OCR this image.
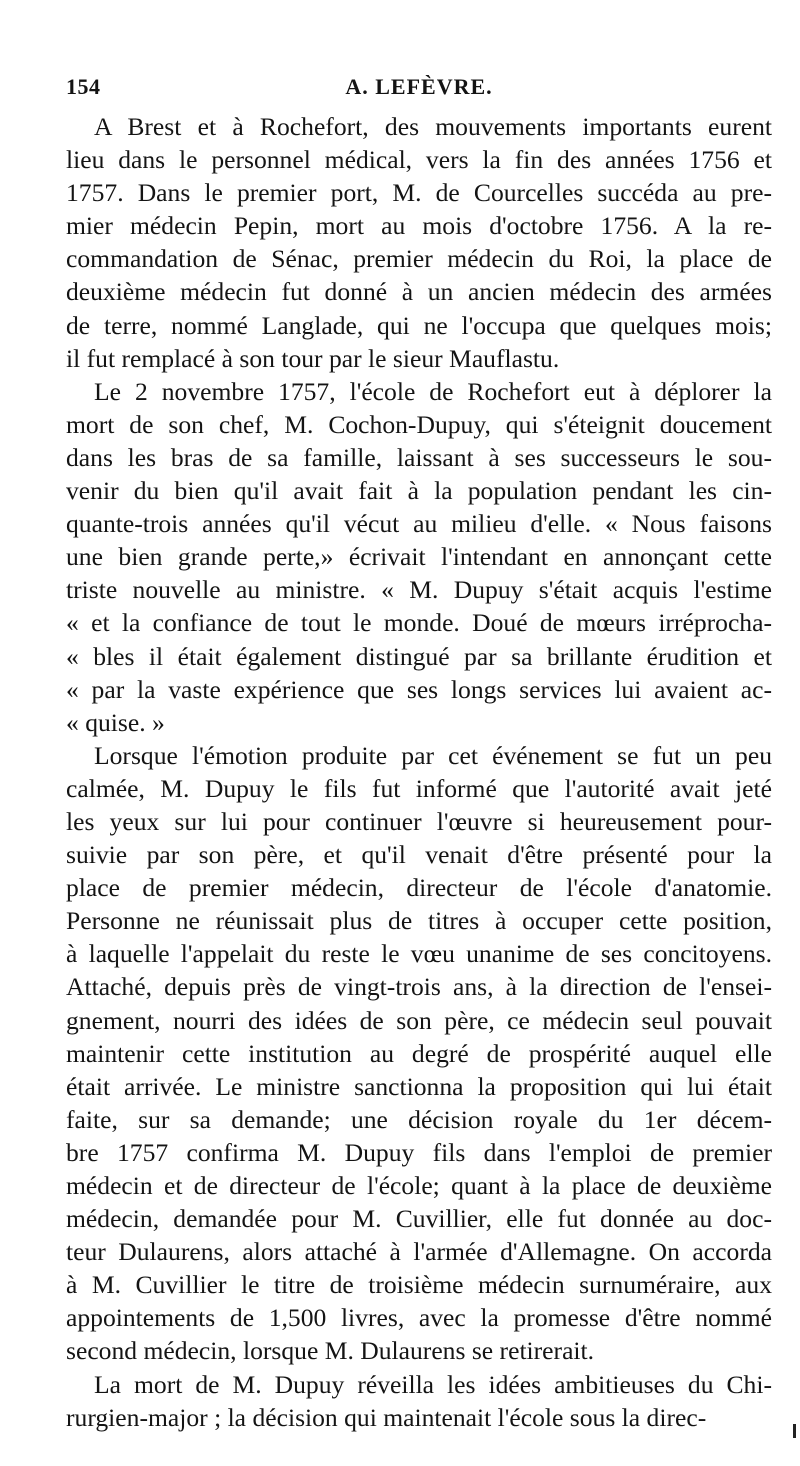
154	A. LEFÈVRE.
A Brest et à Rochefort, des mouvements importants eurent
lieu dans le personnel médical, vers la fin des années 1756 et
1757. Dans le premier port, M. de Courcelles succéda au pre-
mier médecin Pepin, mort au mois d'octobre 1756. A la re-
commandation de Sénac, premier médecin du Roi, la place de
deuxième médecin fut donné à un ancien médecin des armées
de terre, nommé Langlade, qui ne l'occupa que quelques mois;
il fut remplacé à son tour par le sieur Mauflastu.
Le 2 novembre 1757, l'école de Rochefort eut à déplorer la
mort de son chef, M. Cochon-Dupuy, qui s'éteignit doucement
dans les bras de sa famille, laissant à ses successeurs le sou-
venir du bien qu'il avait fait à la population pendant les cin-
quante-trois années qu'il vécut au milieu d'elle. « Nous faisons
une bien grande perte,» écrivait l'intendant en annonçant cette
triste nouvelle au ministre. « M. Dupuy s'était acquis l'estime
« et la confiance de tout le monde. Doué de mœurs irréprocha-
« bles il était également distingué par sa brillante érudition et
« par la vaste expérience que ses longs services lui avaient ac-
« quise. »
Lorsque l'émotion produite par cet événement se fut un peu
calmée, M. Dupuy le fils fut informé que l'autorité avait jeté
les yeux sur lui pour continuer l'œuvre si heureusement pour-
suivie par son père, et qu'il venait d'être présenté pour la
place de premier médecin, directeur de l'école d'anatomie.
Personne ne réunissait plus de titres à occuper cette position,
à laquelle l'appelait du reste le vœu unanime de ses concitoyens.
Attaché, depuis près de vingt-trois ans, à la direction de l'ensei-
gnement, nourri des idées de son père, ce médecin seul pouvait
maintenir cette institution au degré de prospérité auquel elle
était arrivée. Le ministre sanctionna la proposition qui lui était
faite, sur sa demande; une décision royale du 1er décem-
bre 1757 confirma M. Dupuy fils dans l'emploi de premier
médecin et de directeur de l'école; quant à la place de deuxième
médecin, demandée pour M. Cuvillier, elle fut donnée au doc-
teur Dulaurens, alors attaché à l'armée d'Allemagne. On accorda
à M. Cuvillier le titre de troisième médecin surnuméraire, aux
appointements de 1,500 livres, avec la promesse d'être nommé
second médecin, lorsque M. Dulaurens se retirerait.
La mort de M. Dupuy réveilla les idées ambitieuses du Chi-
rurgien-major ; la décision qui maintenait l'école sous la direc-
